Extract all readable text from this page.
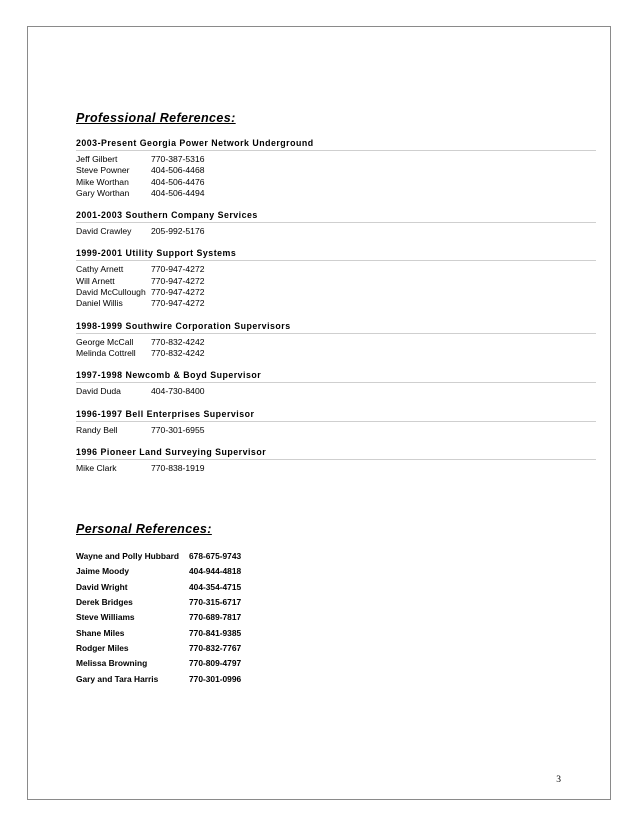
Professional References:
2003-Present Georgia Power Network Underground
Jeff Gilbert	770-387-5316
Steve Powner 404-506-4468
Mike Worthan	404-506-4476
Gary Worthan	404-506-4494
2001-2003 Southern Company Services
David Crawley 205-992-5176
1999-2001 Utility Support Systems
Cathy Arnett	770-947-4272
Will Arnett	770-947-4272
David McCullough 770-947-4272
Daniel Willis	770-947-4272
1998-1999 Southwire Corporation Supervisors
George McCall 770-832-4242
Melinda Cottrell 770-832-4242
1997-1998 Newcomb & Boyd Supervisor
David Duda	404-730-8400
1996-1997 Bell Enterprises Supervisor
Randy Bell	770-301-6955
1996 Pioneer Land Surveying Supervisor
Mike Clark	770-838-1919
Personal References:
Wayne and Polly Hubbard 678-675-9743
Jaime Moody	404-944-4818
David Wright	404-354-4715
Derek Bridges	770-315-6717
Steve Williams	770-689-7817
Shane Miles	770-841-9385
Rodger Miles	770-832-7767
Melissa Browning	770-809-4797
Gary and Tara Harris	770-301-0996
3
